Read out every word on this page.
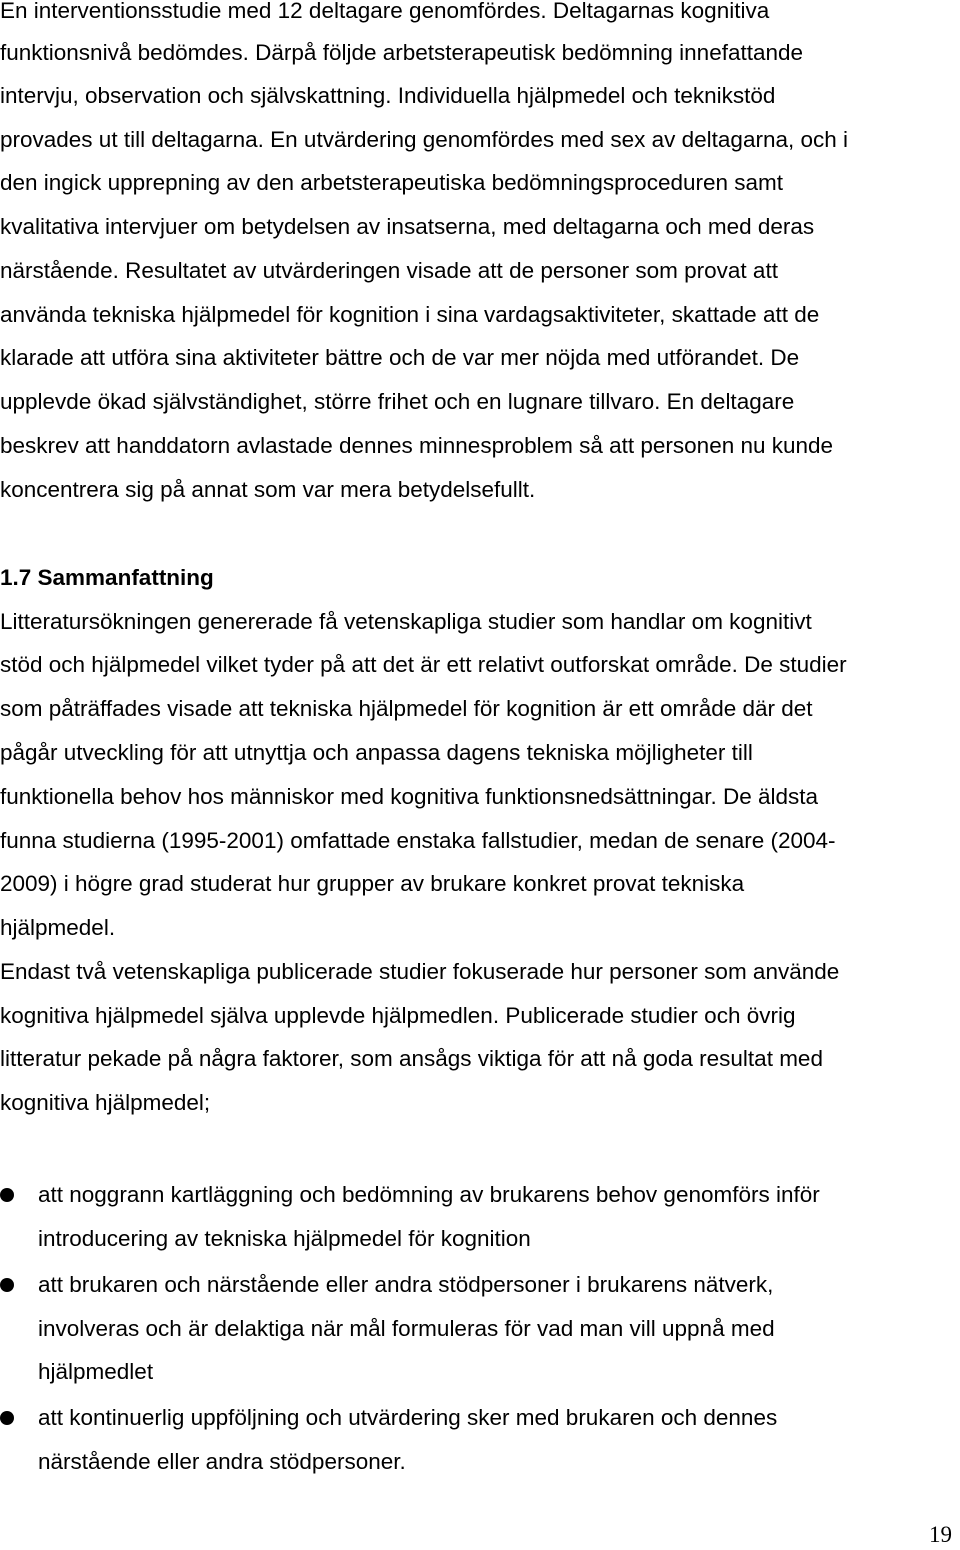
En interventionsstudie med 12 deltagare genomfördes. Deltagarnas kognitiva
funktionsnivå bedömdes. Därpå följde arbetsterapeutisk bedömning innefattande
intervju, observation och självskattning. Individuella hjälpmedel och teknikstöd
provades ut till deltagarna. En utvärdering genomfördes med sex av deltagarna, och i
den ingick upprepning av den arbetsterapeutiska bedömningsproceduren samt
kvalitativa intervjuer om betydelsen av insatserna, med deltagarna och med deras
närstående. Resultatet av utvärderingen visade att de personer som provat att
använda tekniska hjälpmedel för kognition i sina vardagsaktiviteter, skattade att de
klarade att utföra sina aktiviteter bättre och de var mer nöjda med utförandet. De
upplevde ökad självständighet, större frihet och en lugnare tillvaro. En deltagare
beskrev att handdatorn avlastade dennes minnesproblem så att personen nu kunde
koncentrera sig på annat som var mera betydelsefullt.
1.7 Sammanfattning
Litteratursökningen genererade få vetenskapliga studier som handlar om kognitivt
stöd och hjälpmedel vilket tyder på att det är ett relativt outforskat område. De studier
som påträffades visade att tekniska hjälpmedel för kognition är ett område där det
pågår utveckling för att utnyttja och anpassa dagens tekniska möjligheter till
funktionella behov hos människor med kognitiva funktionsnedsättningar. De äldsta
funna studierna (1995-2001) omfattade enstaka fallstudier, medan de senare (2004-
2009) i högre grad studerat hur grupper av brukare konkret provat tekniska
hjälpmedel.
Endast två vetenskapliga publicerade studier fokuserade hur personer som använde
kognitiva hjälpmedel själva upplevde hjälpmedlen. Publicerade studier och övrig
litteratur pekade på några faktorer, som ansågs viktiga för att nå goda resultat med
kognitiva hjälpmedel;
att noggrann kartläggning och bedömning av brukarens behov genomförs inför
introducering av tekniska hjälpmedel för kognition
att brukaren och närstående eller andra stödpersoner i brukarens nätverk,
involveras och är delaktiga när mål formuleras för vad man vill uppnå med
hjälpmedlet
att kontinuerlig uppföljning och utvärdering sker med brukaren och dennes
närstående eller andra stödpersoner.
19
